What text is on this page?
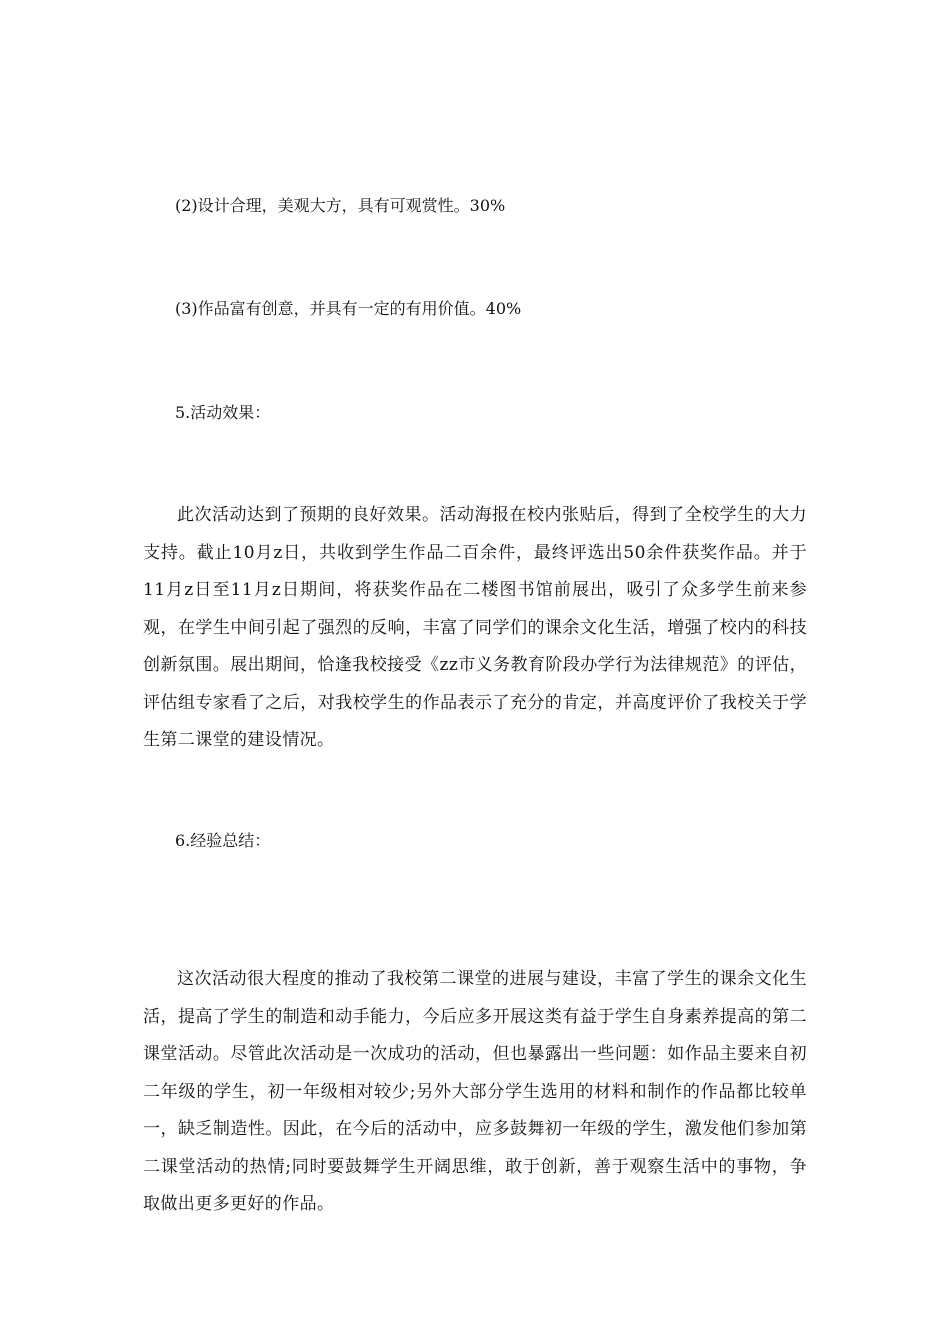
(2)设计合理，美观大方，具有可观赏性。30%
(3)作品富有创意，并具有一定的有用价值。40%
5.活动效果：
此次活动达到了预期的良好效果。活动海报在校内张贴后，得到了全校学生的大力支持。截止10月z日，共收到学生作品二百余件，最终评选出50余件获奖作品。并于11月z日至11月z日期间，将获奖作品在二楼图书馆前展出，吸引了众多学生前来参观，在学生中间引起了强烈的反响，丰富了同学们的课余文化生活，增强了校内的科技创新氛围。展出期间，恰逢我校接受《zz市义务教育阶段办学行为法律规范》的评估，评估组专家看了之后，对我校学生的作品表示了充分的肯定，并高度评价了我校关于学生第二课堂的建设情况。
6.经验总结：
这次活动很大程度的推动了我校第二课堂的进展与建设，丰富了学生的课余文化生活，提高了学生的制造和动手能力，今后应多开展这类有益于学生自身素养提高的第二课堂活动。尽管此次活动是一次成功的活动，但也暴露出一些问题：如作品主要来自初二年级的学生，初一年级相对较少;另外大部分学生选用的材料和制作的作品都比较单一，缺乏制造性。因此，在今后的活动中，应多鼓舞初一年级的学生，激发他们参加第二课堂活动的热情;同时要鼓舞学生开阔思维，敢于创新，善于观察生活中的事物，争取做出更多更好的作品。
